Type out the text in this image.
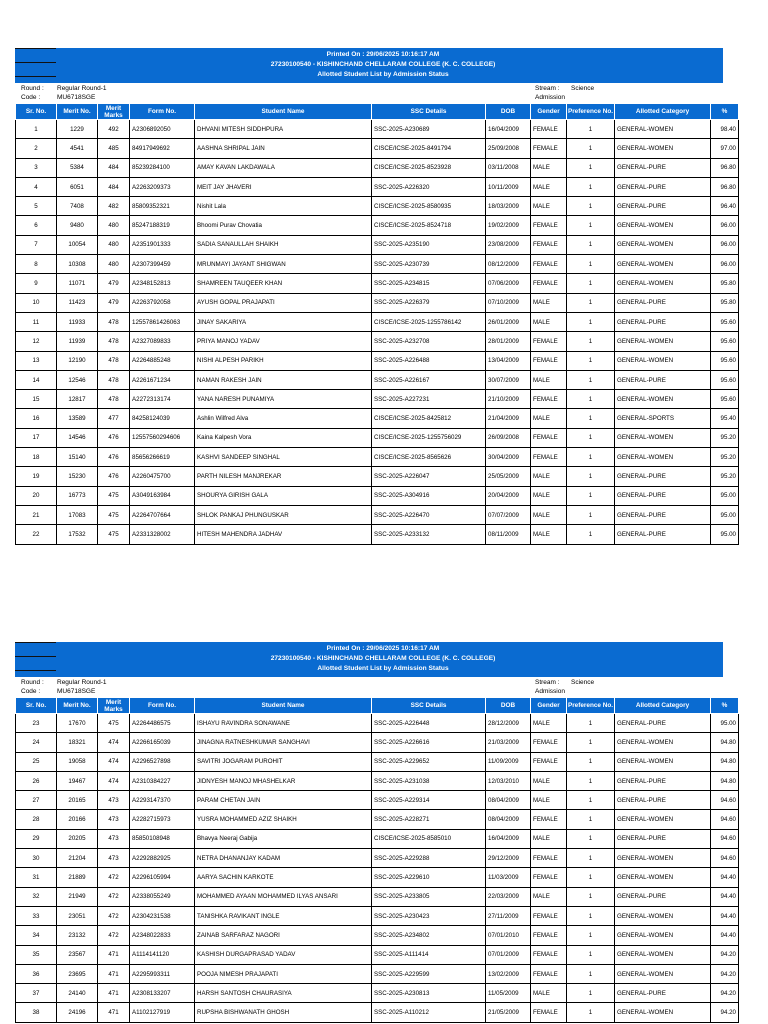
Printed On : 29/06/2025 10:16:17 AM
27230100540 - KISHINCHAND CHELLARAM COLLEGE (K. C. COLLEGE)
Allotted Student List by Admission Status
Round : Regular Round-1
Code :	MU6718SGE
Stream : Science
Admission
Sr. No.	Merit No.	Merit Marks	Form No.	Student Name	SSC Details	DOB	Gender	Preference No.	Allotted Category	%
1	1229	492	A2306892050	DHVANI MITESH SIDDHPURA	SSC-2025-A230689	16/04/2009	FEMALE	1	GENERAL-WOMEN	98.40
2	4541	485	84917949692	AASHNA SHRIPAL JAIN	CISCE/ICSE-2025-8491794	25/09/2008	FEMALE	1	GENERAL-WOMEN	97.00
3	5384	484	85239284100	AMAY KAVAN LAKDAWALA	CISCE/ICSE-2025-8523928	03/11/2008	MALE	1	GENERAL-PURE	96.80
4	6051	484	A2263209373	MEIT JAY JHAVERI	SSC-2025-A226320	10/11/2009	MALE	1	GENERAL-PURE	96.80
5	7408	482	85809352321	Nishit Lala	CISCE/ICSE-2025-8580935	18/03/2009	MALE	1	GENERAL-PURE	96.40
6	9480	480	85247188319	Bhoomi Purav Chovatia	CISCE/ICSE-2025-8524718	19/02/2009	FEMALE	1	GENERAL-WOMEN	96.00
7	10054	480	A2351901333	SADIA SANAULLAH SHAIKH	SSC-2025-A235190	23/08/2009	FEMALE	1	GENERAL-WOMEN	96.00
8	10308	480	A2307399459	MRUNMAYI JAYANT SHIGWAN	SSC-2025-A230739	08/12/2009	FEMALE	1	GENERAL-WOMEN	96.00
9	11071	479	A2348152813	SHAMREEN TAUQEER KHAN	SSC-2025-A234815	07/06/2009	FEMALE	1	GENERAL-WOMEN	95.80
10	11423	479	A2263792058	AYUSH GOPAL PRAJAPATI	SSC-2025-A226379	07/10/2009	MALE	1	GENERAL-PURE	95.80
11	11933	478	12557861426063	JINAY SAKARIYA	CISCE/ICSE-2025-1255786142	26/01/2009	MALE	1	GENERAL-PURE	95.60
12	11939	478	A2327089833	PRIYA MANOJ YADAV	SSC-2025-A232708	28/01/2009	FEMALE	1	GENERAL-WOMEN	95.60
13	12190	478	A2264885248	NISHI ALPESH PARIKH	SSC-2025-A226488	13/04/2009	FEMALE	1	GENERAL-WOMEN	95.60
14	12546	478	A2261671234	NAMAN RAKESH JAIN	SSC-2025-A226167	30/07/2009	MALE	1	GENERAL-PURE	95.60
15	12817	478	A2272313174	YANA NARESH PUNAMIYA	SSC-2025-A227231	21/10/2009	FEMALE	1	GENERAL-WOMEN	95.60
16	13589	477	84258124039	Ashlin Wilfred Alva	CISCE/ICSE-2025-8425812	21/04/2009	MALE	1	GENERAL-SPORTS	95.40
17	14546	476	12557560294606	Kaina Kalpesh Vora	CISCE/ICSE-2025-1255756029	26/09/2008	FEMALE	1	GENERAL-WOMEN	95.20
18	15140	476	85656266619	KASHVI SANDEEP SINGHAL	CISCE/ICSE-2025-8565626	30/04/2009	FEMALE	1	GENERAL-WOMEN	95.20
19	15230	476	A2260475700	PARTH NILESH MANJREKAR	SSC-2025-A226047	25/05/2009	MALE	1	GENERAL-PURE	95.20
20	16773	475	A3049163984	SHOURYA GIRISH GALA	SSC-2025-A304916	20/04/2009	MALE	1	GENERAL-PURE	95.00
21	17083	475	A2264707664	SHLOK PANKAJ PHUNGUSKAR	SSC-2025-A226470	07/07/2009	MALE	1	GENERAL-PURE	95.00
22	17532	475	A2331328002	HITESH MAHENDRA JADHAV	SSC-2025-A233132	08/11/2009	MALE	1	GENERAL-PURE	95.00
Printed On : 29/06/2025 10:16:17 AM
27230100540 - KISHINCHAND CHELLARAM COLLEGE (K. C. COLLEGE)
Allotted Student List by Admission Status
Round : Regular Round-1
Code :	MU6718SGE
Stream : Science
Admission
Sr. No.	Merit No.	Merit Marks	Form No.	Student Name	SSC Details	DOB	Gender	Preference No.	Allotted Category	%
23	17670	475	A2264486575	ISHAYU RAVINDRA SONAWANE	SSC-2025-A226448	28/12/2009	MALE	1	GENERAL-PURE	95.00
24	18321	474	A2266165039	JINAGNA RATNESHKUMAR SANGHAVI	SSC-2025-A226616	21/03/2009	FEMALE	1	GENERAL-WOMEN	94.80
25	19058	474	A2296527898	SAVITRI JOGARAM PUROHIT	SSC-2025-A229652	11/09/2009	FEMALE	1	GENERAL-WOMEN	94.80
26	19467	474	A2310384227	JIDNYESH MANOJ MHASHELKAR	SSC-2025-A231038	12/03/2010	MALE	1	GENERAL-PURE	94.80
27	20165	473	A2293147370	PARAM CHETAN JAIN	SSC-2025-A229314	08/04/2009	MALE	1	GENERAL-PURE	94.60
28	20166	473	A2282715973	YUSRA MOHAMMED AZIZ SHAIKH	SSC-2025-A228271	08/04/2009	FEMALE	1	GENERAL-WOMEN	94.60
29	20205	473	85850108948	Bhavya Neeraj Gabija	CISCE/ICSE-2025-8585010	16/04/2009	MALE	1	GENERAL-PURE	94.60
30	21204	473	A2292882925	NETRA DHANANJAY KADAM	SSC-2025-A229288	29/12/2009	FEMALE	1	GENERAL-WOMEN	94.60
31	21889	472	A2296105994	AARYA SACHIN KARKOTE	SSC-2025-A229610	11/03/2009	FEMALE	1	GENERAL-WOMEN	94.40
32	21949	472	A2338055249	MOHAMMED AYAAN MOHAMMED ILYAS ANSARI	SSC-2025-A233805	22/03/2009	MALE	1	GENERAL-PURE	94.40
33	23051	472	A2304231538	TANISHKA RAVIKANT INGLE	SSC-2025-A230423	27/11/2009	FEMALE	1	GENERAL-WOMEN	94.40
34	23132	472	A2348022833	ZAINAB SARFARAZ NAGORI	SSC-2025-A234802	07/01/2010	FEMALE	1	GENERAL-WOMEN	94.40
35	23567	471	A1114141120	KASHISH DURGAPRASAD YADAV	SSC-2025-A111414	07/01/2009	FEMALE	1	GENERAL-WOMEN	94.20
36	23695	471	A2295993311	POOJA NIMESH PRAJAPATI	SSC-2025-A229599	13/02/2009	FEMALE	1	GENERAL-WOMEN	94.20
37	24140	471	A2308133207	HARSH SANTOSH CHAURASIYA	SSC-2025-A230813	11/05/2009	MALE	1	GENERAL-PURE	94.20
38	24196	471	A1102127919	RUPSHA BISHWANATH GHOSH	SSC-2025-A110212	21/05/2009	FEMALE	1	GENERAL-WOMEN	94.20
